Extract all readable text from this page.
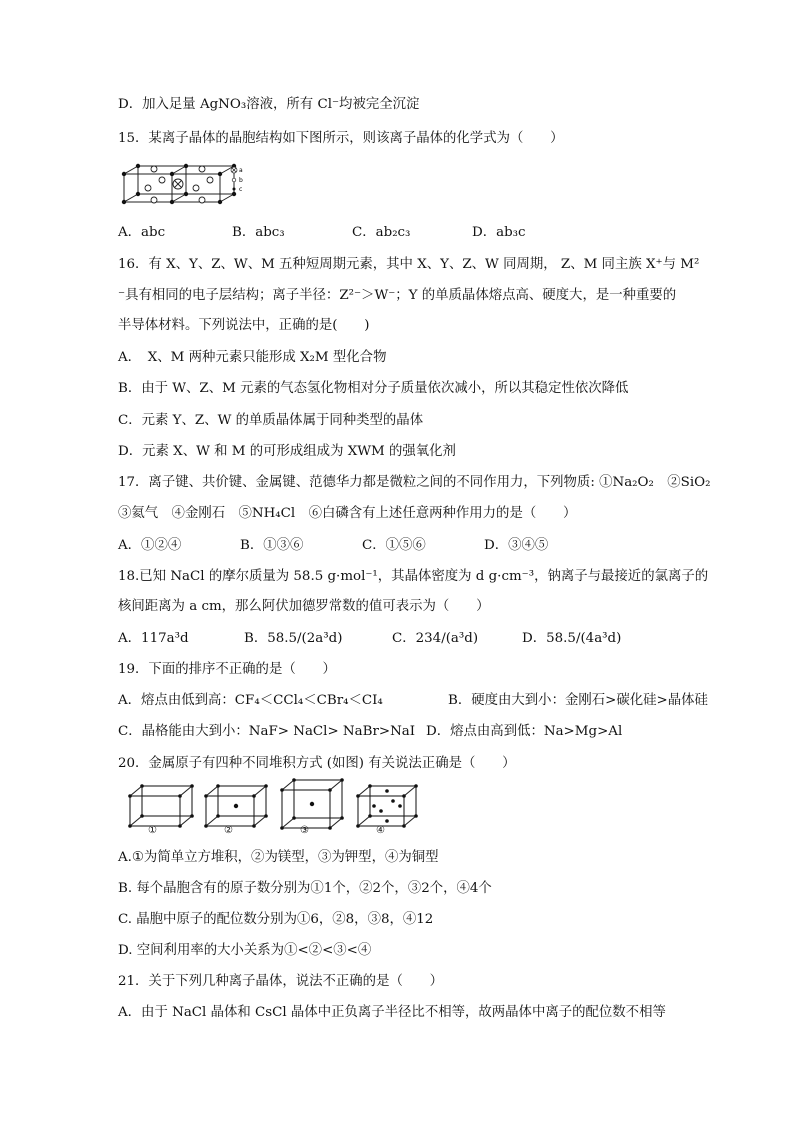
D．加入足量 AgNO₃溶液，所有 Cl⁻均被完全沉淀
15．某离子晶体的晶胞结构如下图所示，则该离子晶体的化学式为（　　）
a
b
c
A．abc	B．abc₃	C．ab₂c₃	D．ab₃c
16．有 X、Y、Z、W、M 五种短周期元素，其中 X、Y、Z、W 同周期， Z、M 同主族 X⁺与 M²
⁻具有相同的电子层结构；离子半径：Z²⁻＞W⁻；Y 的单质晶体熔点高、硬度大，是一种重要的
半导体材料。下列说法中，正确的是(　　)
A．　X、M 两种元素只能形成 X₂M 型化合物
B．由于 W、Z、M 元素的气态氢化物相对分子质量依次减小，所以其稳定性依次降低
C．元素 Y、Z、W 的单质晶体属于同种类型的晶体
D．元素 X、W 和 M 的可形成组成为 XWM 的强氧化剂
17．离子键、共价键、金属键、范德华力都是微粒之间的不同作用力，下列物质: ①Na₂O₂　②SiO₂
③氦气　④金刚石　⑤NH₄Cl　⑥白磷含有上述任意两种作用力的是（　　）
A．①②④	B．①③⑥	C．①⑤⑥	D．③④⑤
18.已知 NaCl 的摩尔质量为 58.5 g·mol⁻¹，其晶体密度为 d g·cm⁻³，钠离子与最接近的氯离子的
核间距离为 a cm，那么阿伏加德罗常数的值可表示为（　　）
A．117a³d	B．58.5/(2a³d)	C．234/(a³d)	D．58.5/(4a³d)
19．下面的排序不正确的是（　　）
A．熔点由低到高：CF₄＜CCl₄＜CBr₄＜CI₄	B．硬度由大到小：金刚石>碳化硅>晶体硅
C．晶格能由大到小：NaF> NaCl> NaBr>NaI D．熔点由高到低：Na>Mg>Al
20．金属原子有四种不同堆积方式 (如图) 有关说法正确是（　　）
①	②	③	④
A.①为简单立方堆积，②为镁型，③为钾型，④为铜型
B. 每个晶胞含有的原子数分别为①1个，②2个，③2个，④4个
C. 晶胞中原子的配位数分别为①6，②8，③8，④12
D. 空间利用率的大小关系为①<②<③<④
21．关于下列几种离子晶体，说法不正确的是（　　）
A．由于 NaCl 晶体和 CsCl 晶体中正负离子半径比不相等，故两晶体中离子的配位数不相等
